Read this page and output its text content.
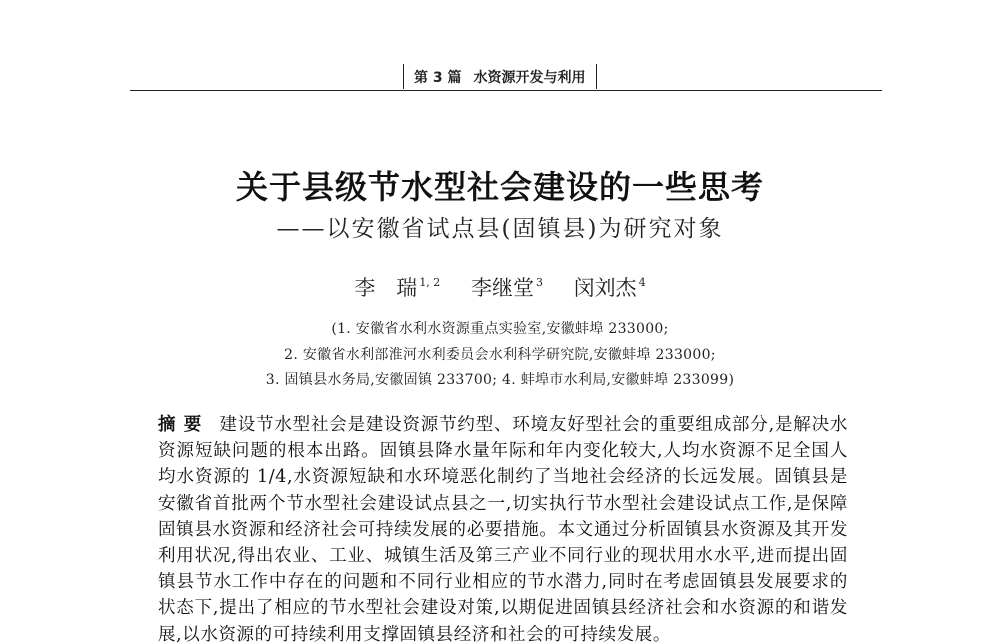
第 3 篇 水资源开发与利用
关于县级节水型社会建设的一些思考
——以安徽省试点县(固镇县)为研究对象
李　瑞 $^{1, 2}$ 李继堂 $^3$ 闵刘杰 $^4$
(1. 安徽省水利水资源重点实验室,安徽蚌埠 233000;
2. 安徽省水利部淮河水利委员会水利科学研究院,安徽蚌埠 233000;
3. 固镇县水务局,安徽固镇 233700; 4. 蚌埠市水利局,安徽蚌埠 233099)
摘要 建设节水型社会是建设资源节约型、环境友好型社会的重要组成部分,是解决水资源短缺问题的根本出路。固镇县降水量年际和年内变化较大,人均水资源不足全国人均水资源的 1/4,水资源短缺和水环境恶化制约了当地社会经济的长远发展。固镇县是安徽省首批两个节水型社会建设试点县之一,切实执行节水型社会建设试点工作,是保障固镇县水资源和经济社会可持续发展的必要措施。本文通过分析固镇县水资源及其开发利用状况,得出农业、工业、城镇生活及第三产业不同行业的现状用水水平,进而提出固镇县节水工作中存在的问题和不同行业相应的节水潜力,同时在考虑固镇县发展要求的状态下,提出了相应的节水型社会建设对策,以期促进固镇县经济社会和水资源的和谐发展,以水资源的可持续利用支撑固镇县经济和社会的可持续发展。
